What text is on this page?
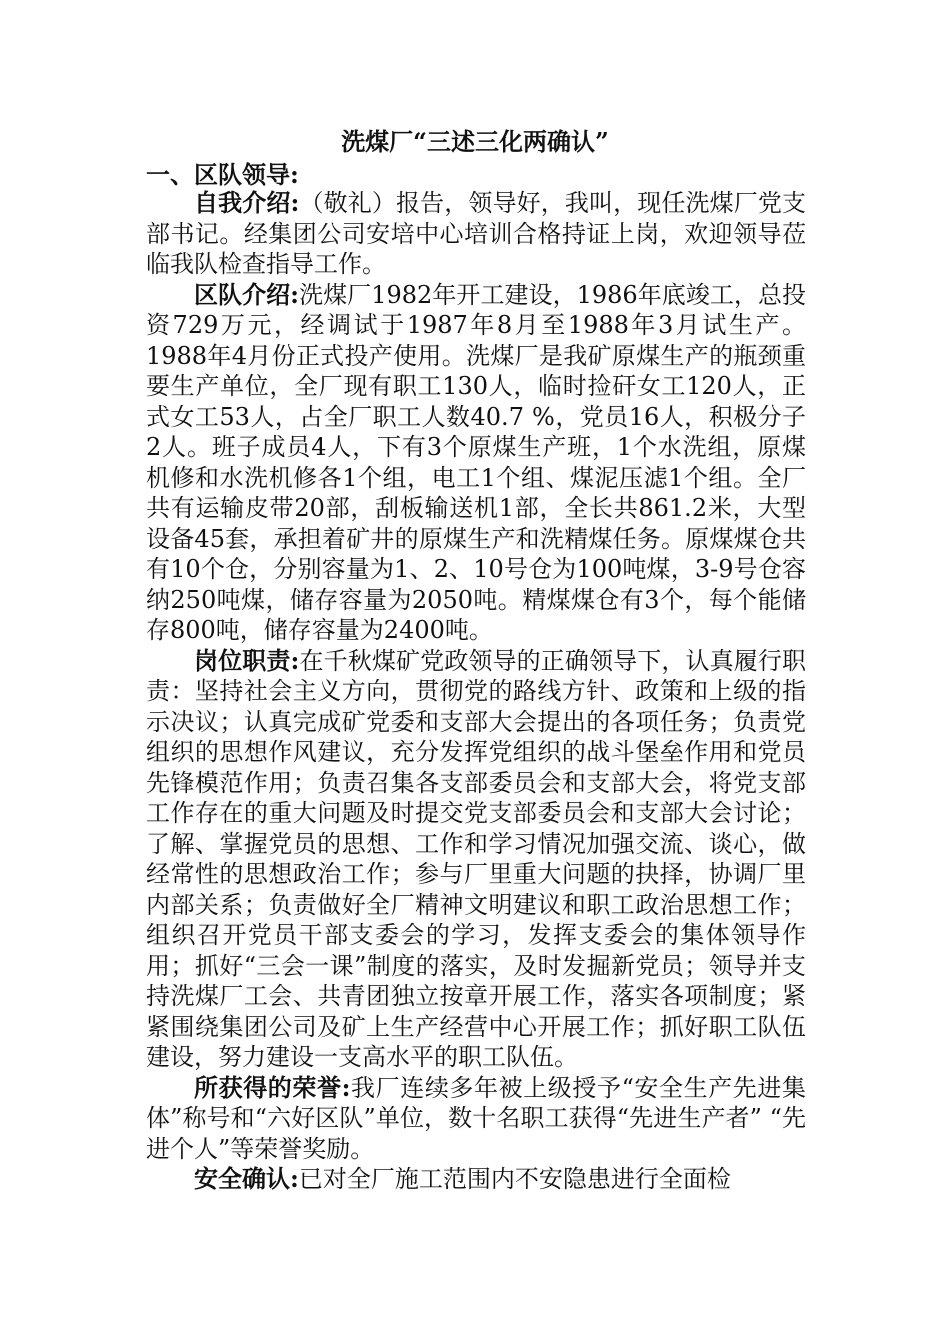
洗煤厂“三述三化两确认”
一、区队领导:

自我介绍:（敬礼）报告，领导好，我叫，现任洗煤厂党支部书记。经集团公司安培中心培训合格持证上岗，欢迎领导莅临我队检查指导工作。

区队介绍:洗煤厂1982年开工建设，1986年底竣工，总投资729万元，经调试于1987年8月至1988年3月试生产。1988年4月份正式投产使用。洗煤厂是我矿原煤生产的瓶颈重要生产单位，全厂现有职工130人，临时捡矸女工120人，正式女工53人，占全厂职工人数40.7 %，党员16人，积极分子2人。班子成员4人，下有3个原煤生产班，1个水洗组，原煤机修和水洗机修各1个组，电工1个组、煤泥压滤1个组。全厂共有运输皮带20部，刮板输送机1部，全长共861.2米，大型设备45套，承担着矿井的原煤生产和洗精煤任务。原煤煤仓共有10个仓，分别容量为1、2、10号仓为100吨煤，3-9号仓容纳250吨煤，储存容量为2050吨。精煤煤仓有3个，每个能储存800吨，储存容量为2400吨。

岗位职责:在千秋煤矿党政领导的正确领导下，认真履行职责：坚持社会主义方向，贯彻党的路线方针、政策和上级的指示决议；认真完成矿党委和支部大会提出的各项任务；负责党组织的思想作风建议，充分发挥党组织的战斗堡垒作用和党员先锋模范作用；负责召集各支部委员会和支部大会，将党支部工作存在的重大问题及时提交党支部委员会和支部大会讨论；了解、掌握党员的思想、工作和学习情况加强交流、谈心，做经常性的思想政治工作；参与厂里重大问题的抉择，协调厂里内部关系；负责做好全厂精神文明建议和职工政治思想工作；组织召开党员干部支委会的学习，发挥支委会的集体领导作用；抓好“三会一课”制度的落实，及时发掘新党员；领导并支持洗煤厂工会、共青团独立按章开展工作，落实各项制度；紧紧围绕集团公司及矿上生产经营中心开展工作；抓好职工队伍建设，努力建设一支高水平的职工队伍。

所获得的荣誉:我厂连续多年被上级授予“安全生产先进集体”称号和“六好区队”单位，数十名职工获得“先进生产者” “先进个人”等荣誉奖励。

安全确认:已对全厂施工范围内不安隐患进行全面检
